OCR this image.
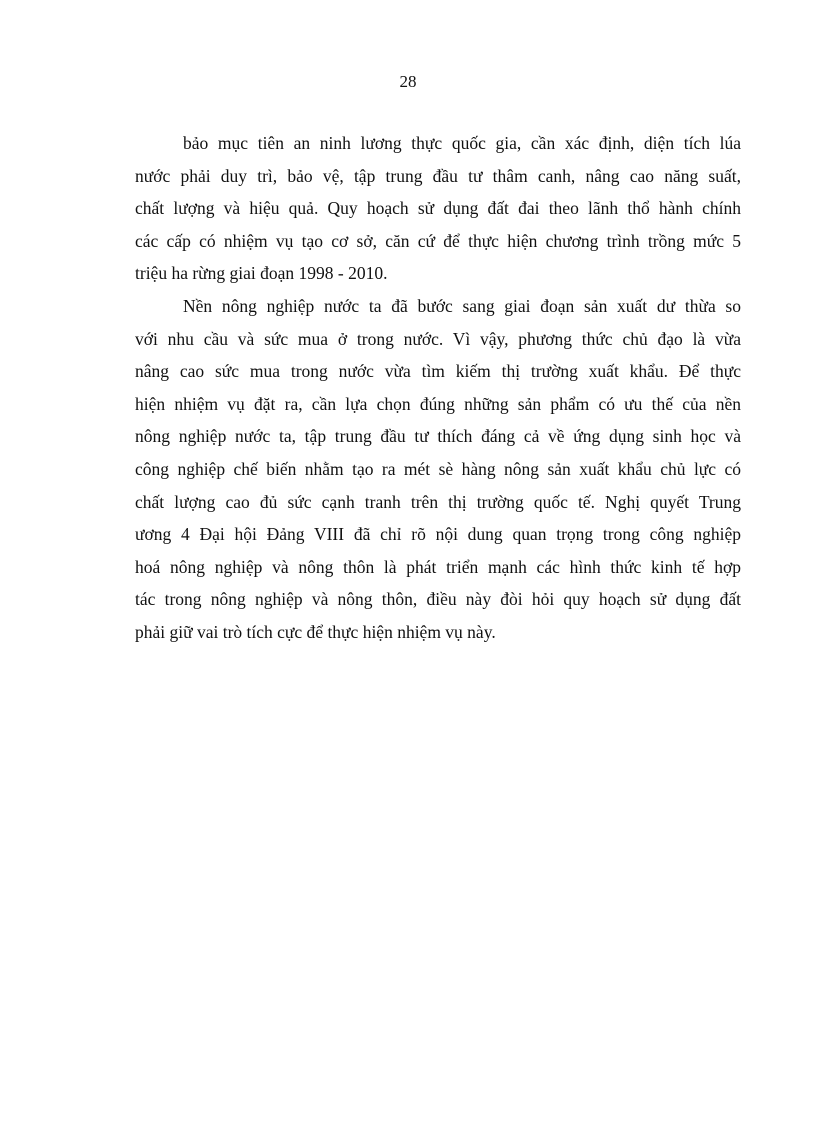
28

bảo mục tiên an ninh lương thực quốc gia, cần xác định, diện tích lúa
nước phải duy trì, bảo vệ, tập trung đầu tư thâm canh, nâng cao năng suất,
chất lượng và hiệu quả. Quy hoạch sử dụng đất đai theo lãnh thổ hành chính
các cấp có nhiệm vụ tạo cơ sở, căn cứ để thực hiện chương trình trồng mức 5
triệu ha rừng giai đoạn 1998 - 2010.

Nền nông nghiệp nước ta đã bước sang giai đoạn sản xuất dư thừa so
với nhu cầu và sức mua ở trong nước. Vì vậy, phương thức chủ đạo là vừa
nâng cao sức mua trong nước vừa tìm kiếm thị trường xuất khẩu. Để thực
hiện nhiệm vụ đặt ra, cần lựa chọn đúng những sản phẩm có ưu thế của nền
nông nghiệp nước ta, tập trung đầu tư thích đáng cả về ứng dụng sinh học và
công nghiệp chế biến nhằm tạo ra mét sè hàng nông sản xuất khẩu chủ lực có
chất lượng cao đủ sức cạnh tranh trên thị trường quốc tế. Nghị quyết Trung
ương 4 Đại hội Đảng VIII đã chỉ rõ nội dung quan trọng trong công nghiệp
hoá nông nghiệp và nông thôn là phát triển mạnh các hình thức kinh tế hợp
tác trong nông nghiệp và nông thôn, điều này đòi hỏi quy hoạch sử dụng đất
phải giữ vai trò tích cực để thực hiện nhiệm vụ này.
